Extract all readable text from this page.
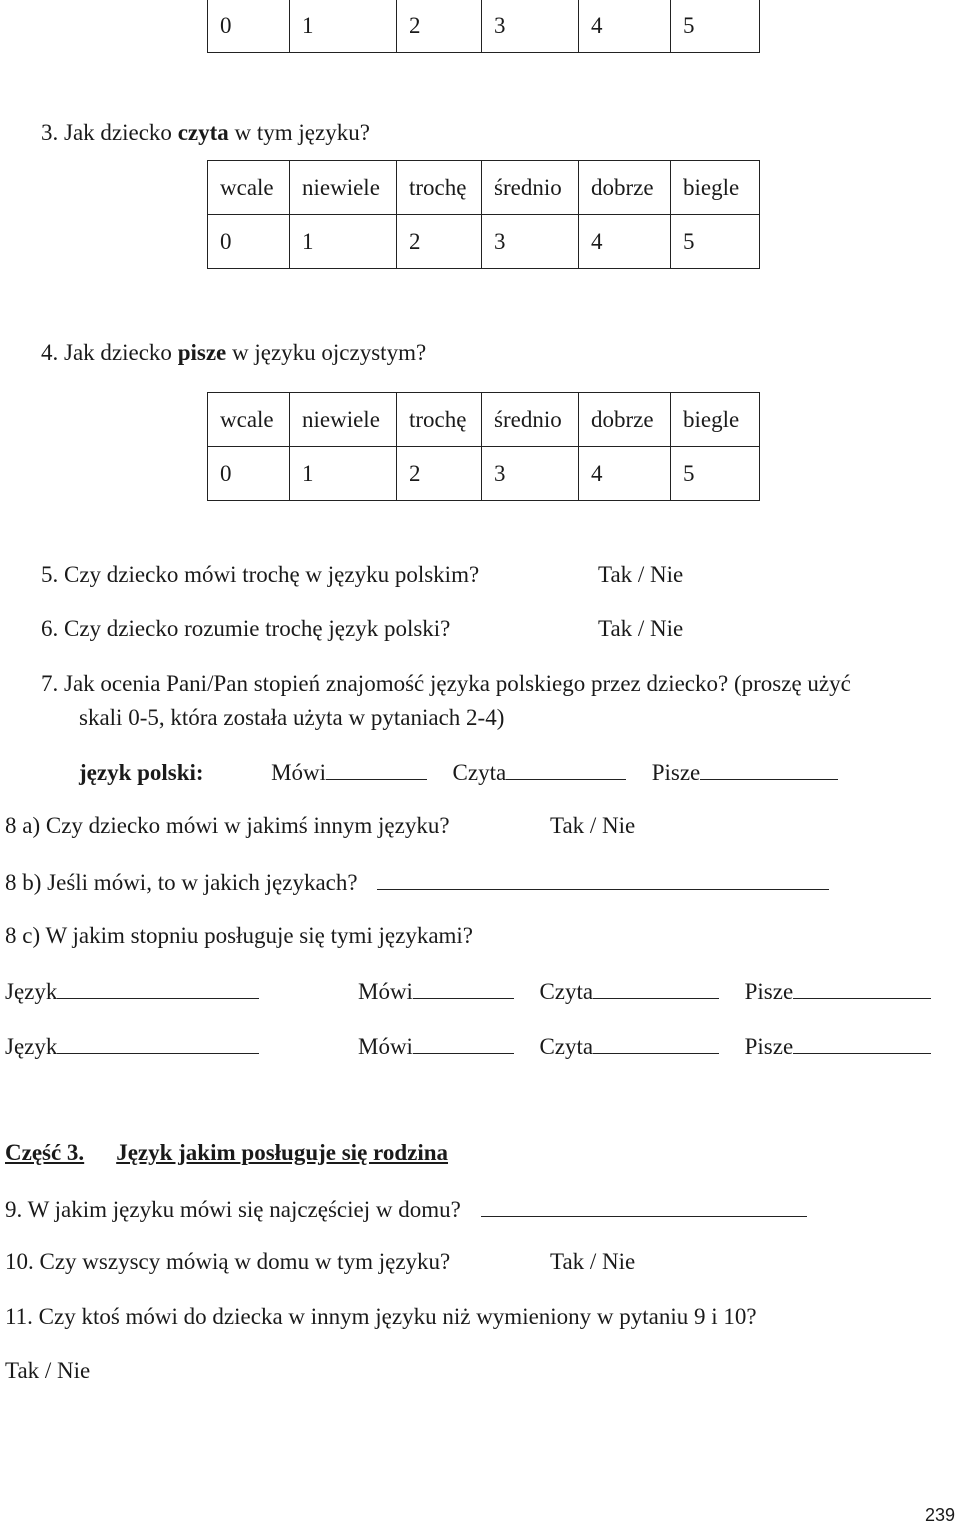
0	1	2	3	4	5
3. Jak dziecko czyta w tym języku?
wcale	niewiele	trochę	średnio	dobrze	biegle
0	1	2	3	4	5
4. Jak dziecko pisze w języku ojczystym?
wcale	niewiele	trochę	średnio	dobrze	biegle
0	1	2	3	4	5
5. Czy dziecko mówi trochę w języku polskim?	Tak / Nie
6. Czy dziecko rozumie trochę język polski?	Tak / Nie
7. Jak ocenia Pani/Pan stopień znajomość języka polskiego przez dziecko? (proszę użyć
skali 0-5, która została użyta w pytaniach 2-4)
język polski:	Mówi	Czyta	Pisze
8 a) Czy dziecko mówi w jakimś innym języku?	Tak / Nie
8 b) Jeśli mówi, to w jakich językach?
8 c) W jakim stopniu posługuje się tymi językami?
Język	Mówi	Czyta	Pisze
Język	Mówi	Czyta	Pisze
Część 3. Język jakim posługuje się rodzina
9. W jakim języku mówi się najczęściej w domu?
10. Czy wszyscy mówią w domu w tym języku?	Tak / Nie
11. Czy ktoś mówi do dziecka w innym języku niż wymieniony w pytaniu 9 i 10?
Tak / Nie
239
